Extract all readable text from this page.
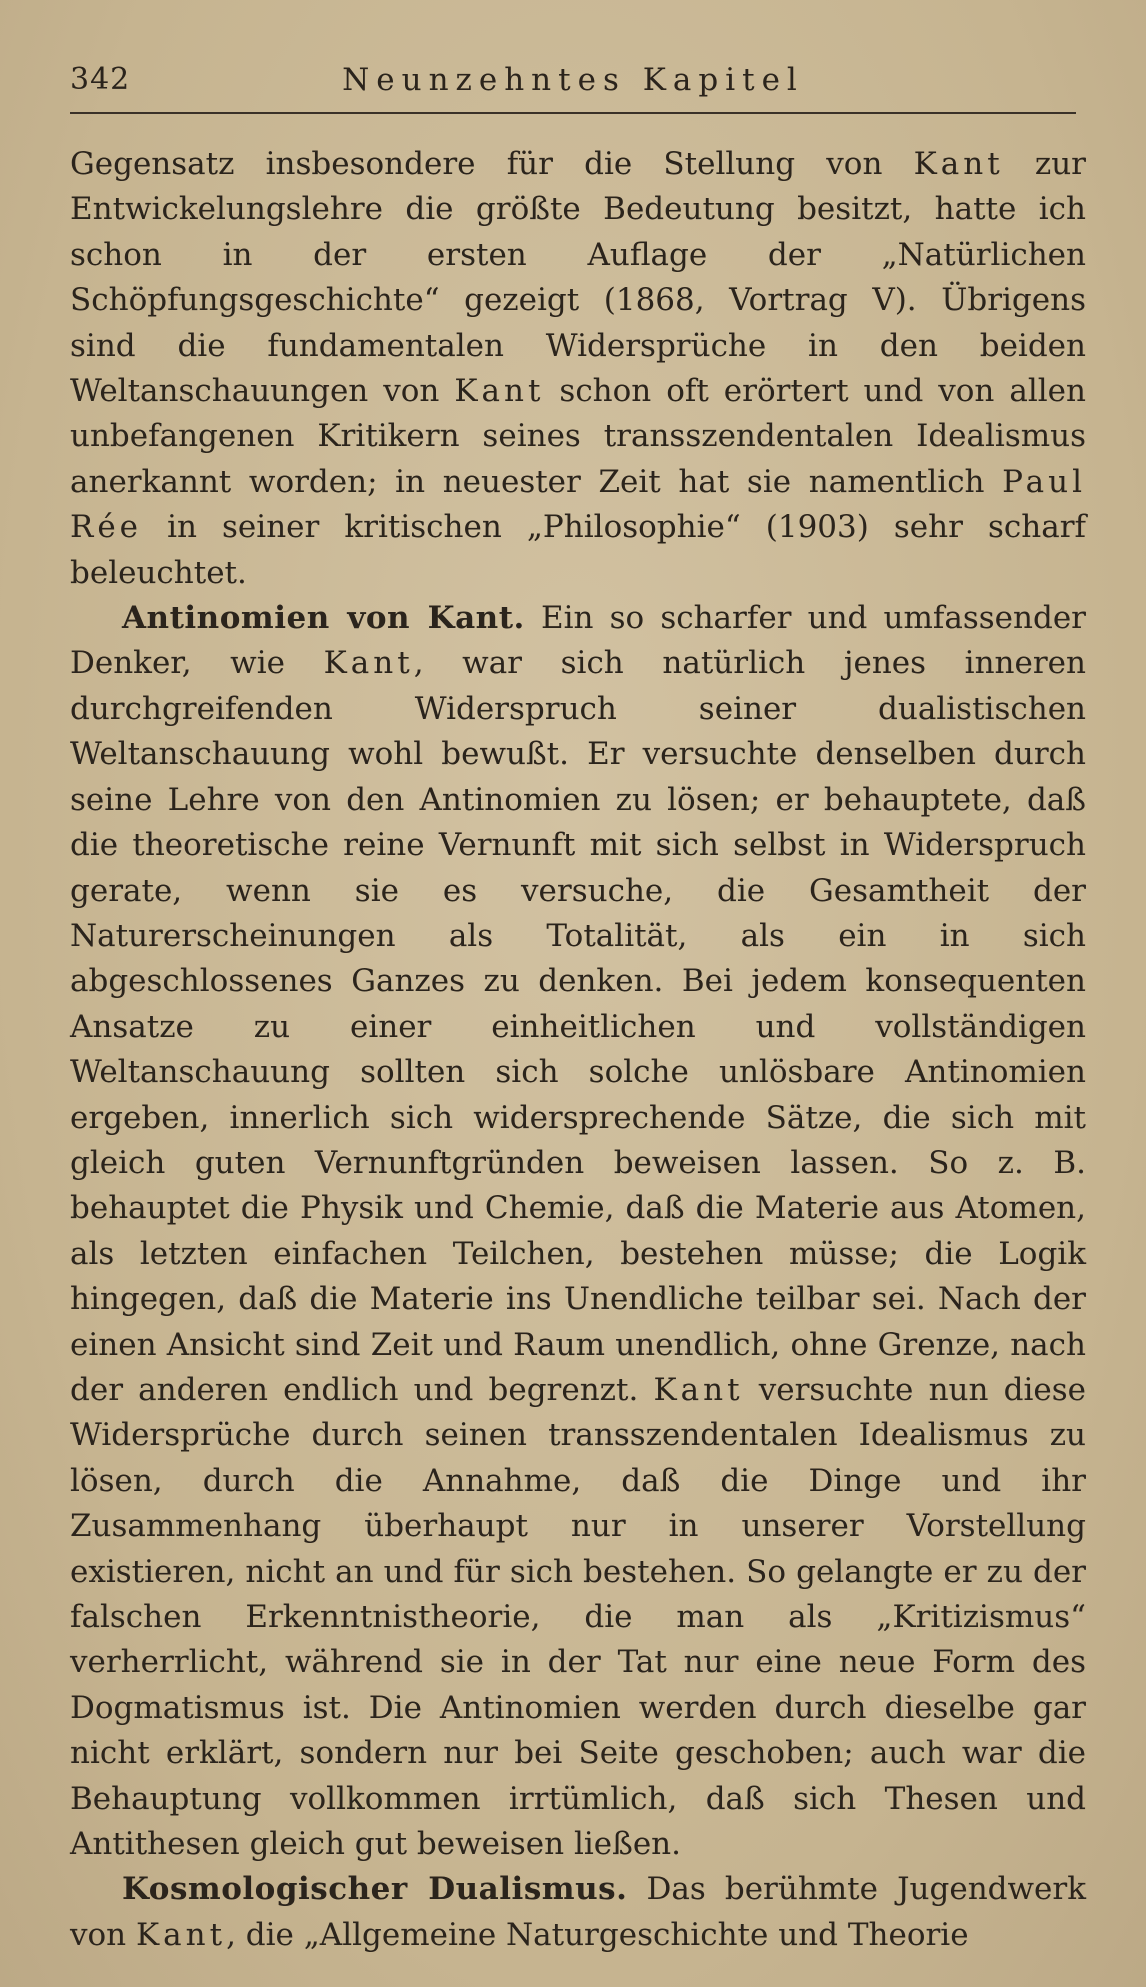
342	Neunzehntes Kapitel

Gegensatz insbesondere für die Stellung von Kant zur Entwickelungslehre die größte Bedeutung besitzt, hatte ich schon in der ersten Auflage der „Natürlichen Schöpfungsgeschichte“ gezeigt (1868, Vortrag V). Übrigens sind die fundamentalen Widersprüche in den beiden Weltanschauungen von Kant schon oft erörtert und von allen unbefangenen Kritikern seines transszendentalen Idealismus anerkannt worden; in neuester Zeit hat sie namentlich Paul Rée in seiner kritischen „Philosophie“ (1903) sehr scharf beleuchtet.

Antinomien von Kant. Ein so scharfer und umfassender Denker, wie Kant, war sich natürlich jenes inneren durchgreifenden Widerspruch seiner dualistischen Weltanschauung wohl bewußt. Er versuchte denselben durch seine Lehre von den Antinomien zu lösen; er behauptete, daß die theoretische reine Vernunft mit sich selbst in Widerspruch gerate, wenn sie es versuche, die Gesamtheit der Naturerscheinungen als Totalität, als ein in sich abgeschlossenes Ganzes zu denken. Bei jedem konsequenten Ansatze zu einer einheitlichen und vollständigen Weltanschauung sollten sich solche unlösbare Antinomien ergeben, innerlich sich widersprechende Sätze, die sich mit gleich guten Vernunftgründen beweisen lassen. So z. B. behauptet die Physik und Chemie, daß die Materie aus Atomen, als letzten einfachen Teilchen, bestehen müsse; die Logik hingegen, daß die Materie ins Unendliche teilbar sei. Nach der einen Ansicht sind Zeit und Raum unendlich, ohne Grenze, nach der anderen endlich und begrenzt. Kant versuchte nun diese Widersprüche durch seinen transszendentalen Idealismus zu lösen, durch die Annahme, daß die Dinge und ihr Zusammenhang überhaupt nur in unserer Vorstellung existieren, nicht an und für sich bestehen. So gelangte er zu der falschen Erkenntnistheorie, die man als „Kritizismus“ verherrlicht, während sie in der Tat nur eine neue Form des Dogmatismus ist. Die Antinomien werden durch dieselbe gar nicht erklärt, sondern nur bei Seite geschoben; auch war die Behauptung vollkommen irrtümlich, daß sich Thesen und Antithesen gleich gut beweisen ließen.

Kosmologischer Dualismus. Das berühmte Jugendwerk von Kant, die „Allgemeine Naturgeschichte und Theorie
